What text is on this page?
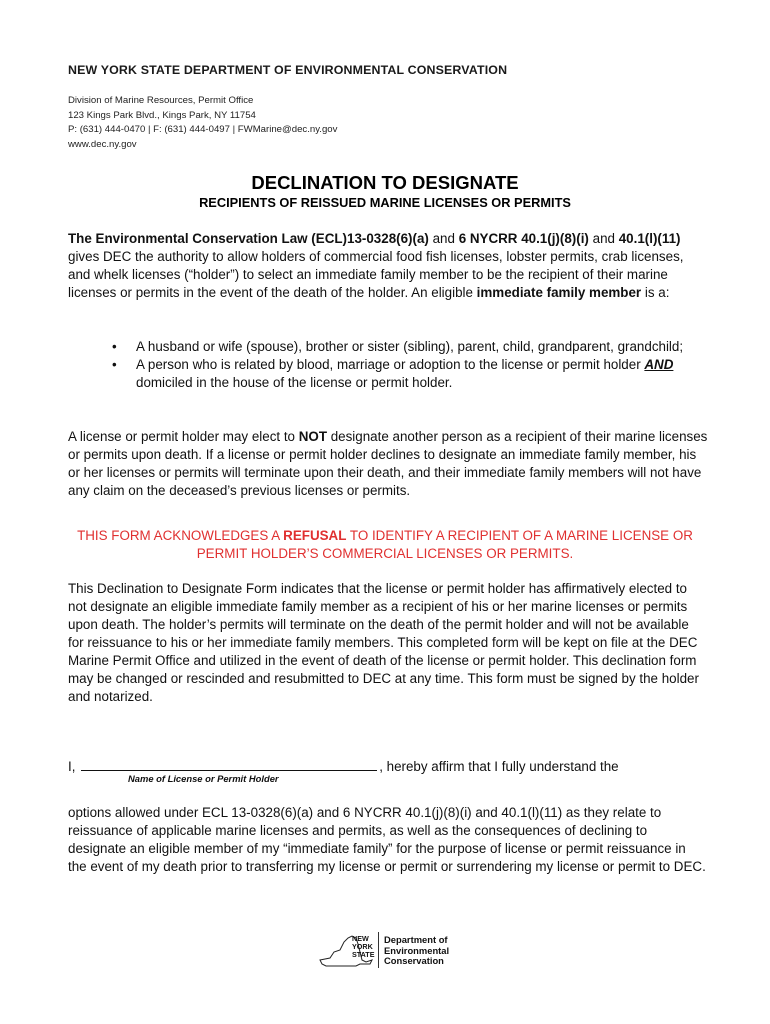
NEW YORK STATE DEPARTMENT OF ENVIRONMENTAL CONSERVATION
Division of Marine Resources, Permit Office
123 Kings Park Blvd., Kings Park, NY 11754
P: (631) 444-0470 | F: (631) 444-0497 | FWMarine@dec.ny.gov
www.dec.ny.gov
DECLINATION TO DESIGNATE
RECIPIENTS OF REISSUED MARINE LICENSES OR PERMITS
The Environmental Conservation Law (ECL)13-0328(6)(a) and 6 NYCRR 40.1(j)(8)(i) and 40.1(l)(11) gives DEC the authority to allow holders of commercial food fish licenses, lobster permits, crab licenses, and whelk licenses (“holder”) to select an immediate family member to be the recipient of their marine licenses or permits in the event of the death of the holder. An eligible immediate family member is a:
• A husband or wife (spouse), brother or sister (sibling), parent, child, grandparent, grandchild;
• A person who is related by blood, marriage or adoption to the license or permit holder AND domiciled in the house of the license or permit holder.
A license or permit holder may elect to NOT designate another person as a recipient of their marine licenses or permits upon death. If a license or permit holder declines to designate an immediate family member, his or her licenses or permits will terminate upon their death, and their immediate family members will not have any claim on the deceased’s previous licenses or permits.
THIS FORM ACKNOWLEDGES A REFUSAL TO IDENTIFY A RECIPIENT OF A MARINE LICENSE OR PERMIT HOLDER’S COMMERCIAL LICENSES OR PERMITS.
This Declination to Designate Form indicates that the license or permit holder has affirmatively elected to not designate an eligible immediate family member as a recipient of his or her marine licenses or permits upon death. The holder’s permits will terminate on the death of the permit holder and will not be available for reissuance to his or her immediate family members. This completed form will be kept on file at the DEC Marine Permit Office and utilized in the event of death of the license or permit holder. This declination form may be changed or rescinded and resubmitted to DEC at any time. This form must be signed by the holder and notarized.
I,	, hereby affirm that I fully understand the
Name of License or Permit Holder
options allowed under ECL 13-0328(6)(a) and 6 NYCRR 40.1(j)(8)(i) and 40.1(l)(11) as they relate to reissuance of applicable marine licenses and permits, as well as the consequences of declining to designate an eligible member of my “immediate family” for the purpose of license or permit reissuance in the event of my death prior to transferring my license or permit or surrendering my license or permit to DEC.
NEW
YORK
STATE
Department of
Environmental
Conservation
